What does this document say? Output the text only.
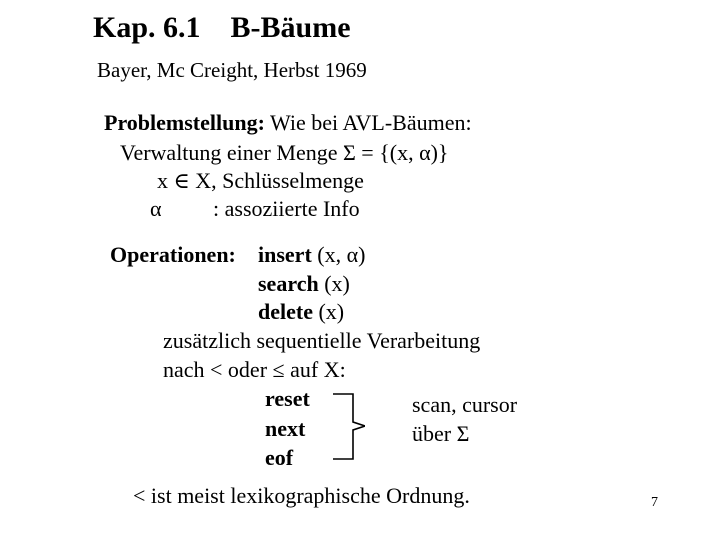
Kap. 6.1 B-Bäume
Bayer, Mc Creight, Herbst 1969
Problemstellung: Wie bei AVL-Bäumen:
Verwaltung einer Menge Σ = {(x, α)}
x ∈ X, Schlüsselmenge
α : assoziierte Info
Operationen: insert (x, α)
search (x)
delete (x)
zusätzlich sequentielle Verarbeitung
nach < oder ≤ auf X:
reset
next
eof
scan, cursor
über Σ
< ist meist lexikographische Ordnung.	7
